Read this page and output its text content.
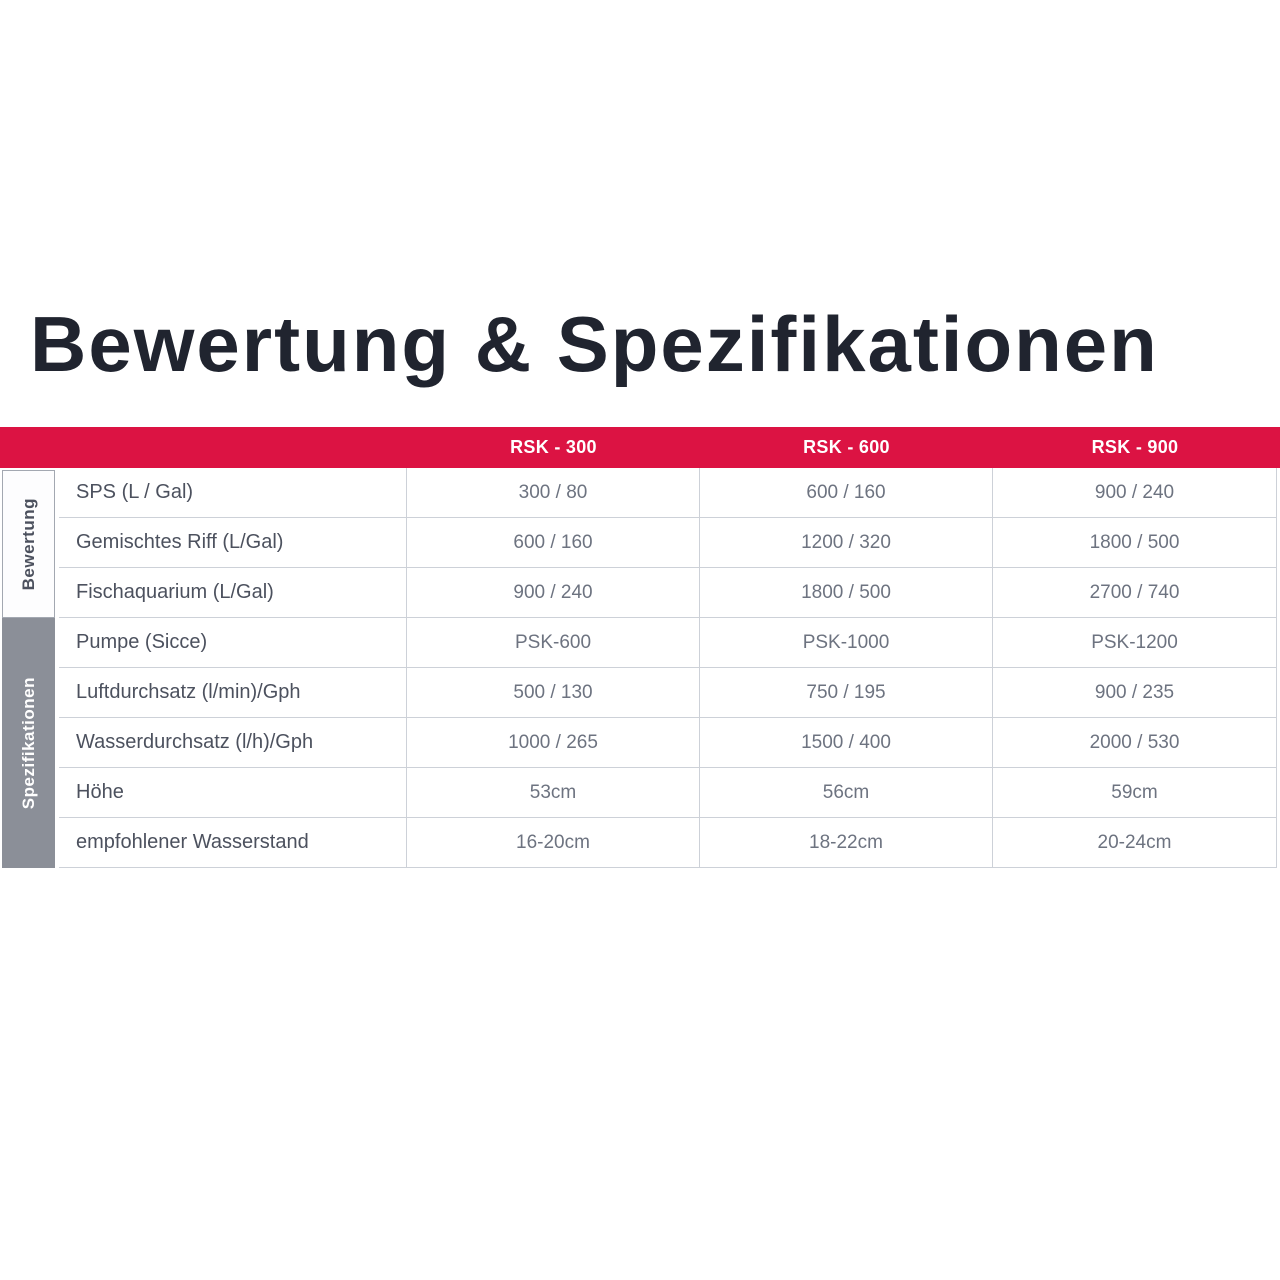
Bewertung & Spezifikationen
RSK - 300	RSK - 600	RSK - 900
Bewertung
Spezifikationen
SPS (L / Gal)	300 / 80	600 / 160	900 / 240
Gemischtes Riff (L/Gal)	600 / 160	1200 / 320	1800 / 500
Fischaquarium (L/Gal)	900 / 240	1800 / 500	2700 / 740
Pumpe (Sicce)	PSK-600	PSK-1000	PSK-1200
Luftdurchsatz (l/min)/Gph	500 / 130	750 / 195	900 / 235
Wasserdurchsatz (l/h)/Gph	1000 / 265	1500 / 400	2000 / 530
Höhe	53cm	56cm	59cm
empfohlener Wasserstand	16-20cm	18-22cm	20-24cm
